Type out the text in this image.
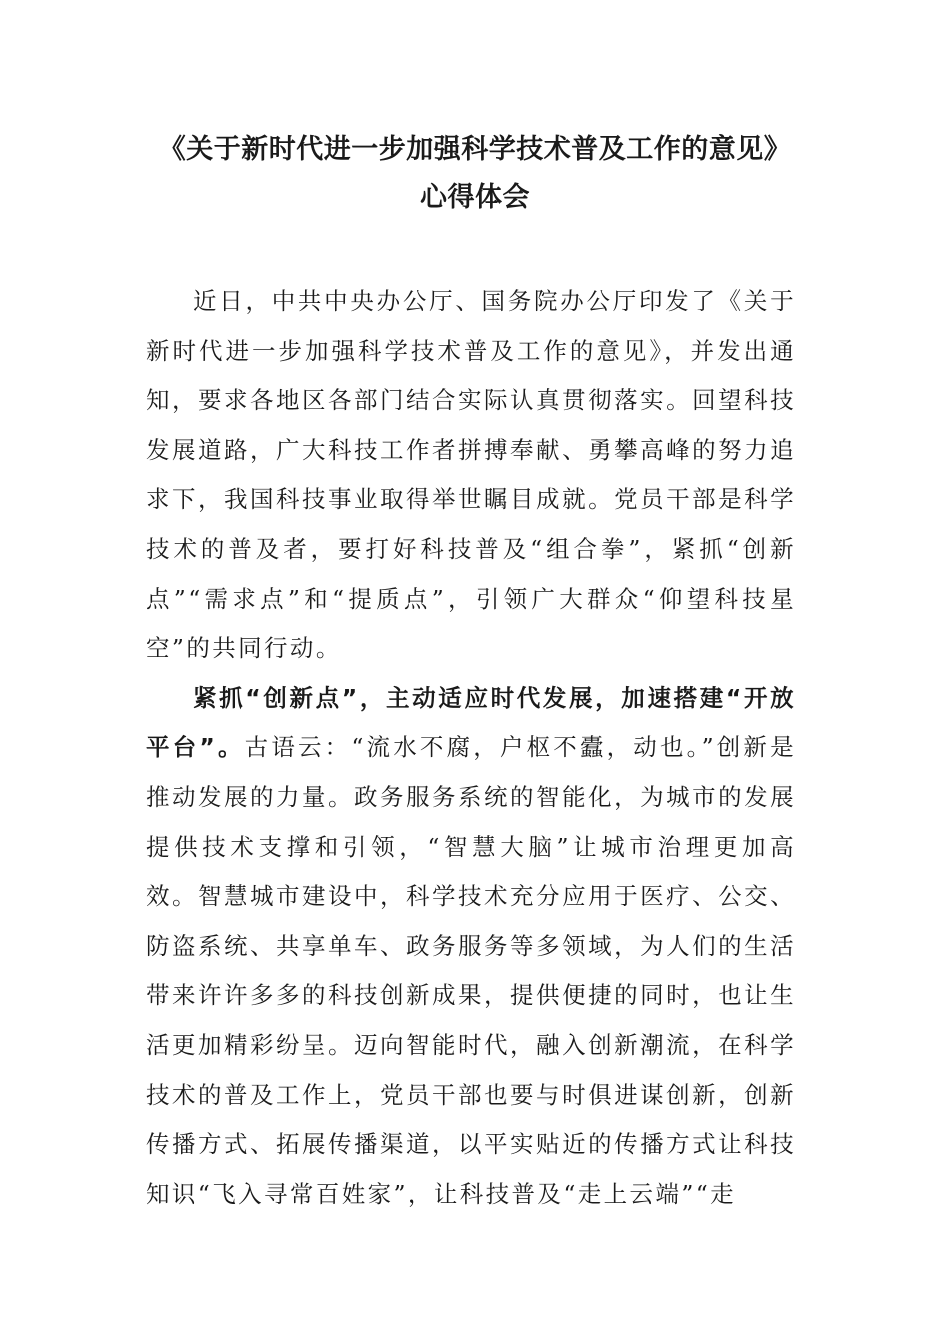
《关于新时代进一步加强科学技术普及工作的意见》
心得体会

近日，中共中央办公厅、国务院办公厅印发了《关于新时代进一步加强科学技术普及工作的意见》，并发出通知，要求各地区各部门结合实际认真贯彻落实。回望科技发展道路，广大科技工作者拼搏奉献、勇攀高峰的努力追求下，我国科技事业取得举世瞩目成就。党员干部是科学技术的普及者，要打好科技普及“组合拳”，紧抓“创新点”“需求点”和“提质点”，引领广大群众“仰望科技星空”的共同行动。

紧抓“创新点”，主动适应时代发展，加速搭建“开放平台”。古语云：“流水不腐，户枢不蠹，动也。”创新是推动发展的力量。政务服务系统的智能化，为城市的发展提供技术支撑和引领，“智慧大脑”让城市治理更加高效。智慧城市建设中，科学技术充分应用于医疗、公交、防盗系统、共享单车、政务服务等多领域，为人们的生活带来许许多多的科技创新成果，提供便捷的同时，也让生活更加精彩纷呈。迈向智能时代，融入创新潮流，在科学技术的普及工作上，党员干部也要与时俱进谋创新，创新传播方式、拓展传播渠道，以平实贴近的传播方式让科技知识“飞入寻常百姓家”，让科技普及“走上云端”“走
